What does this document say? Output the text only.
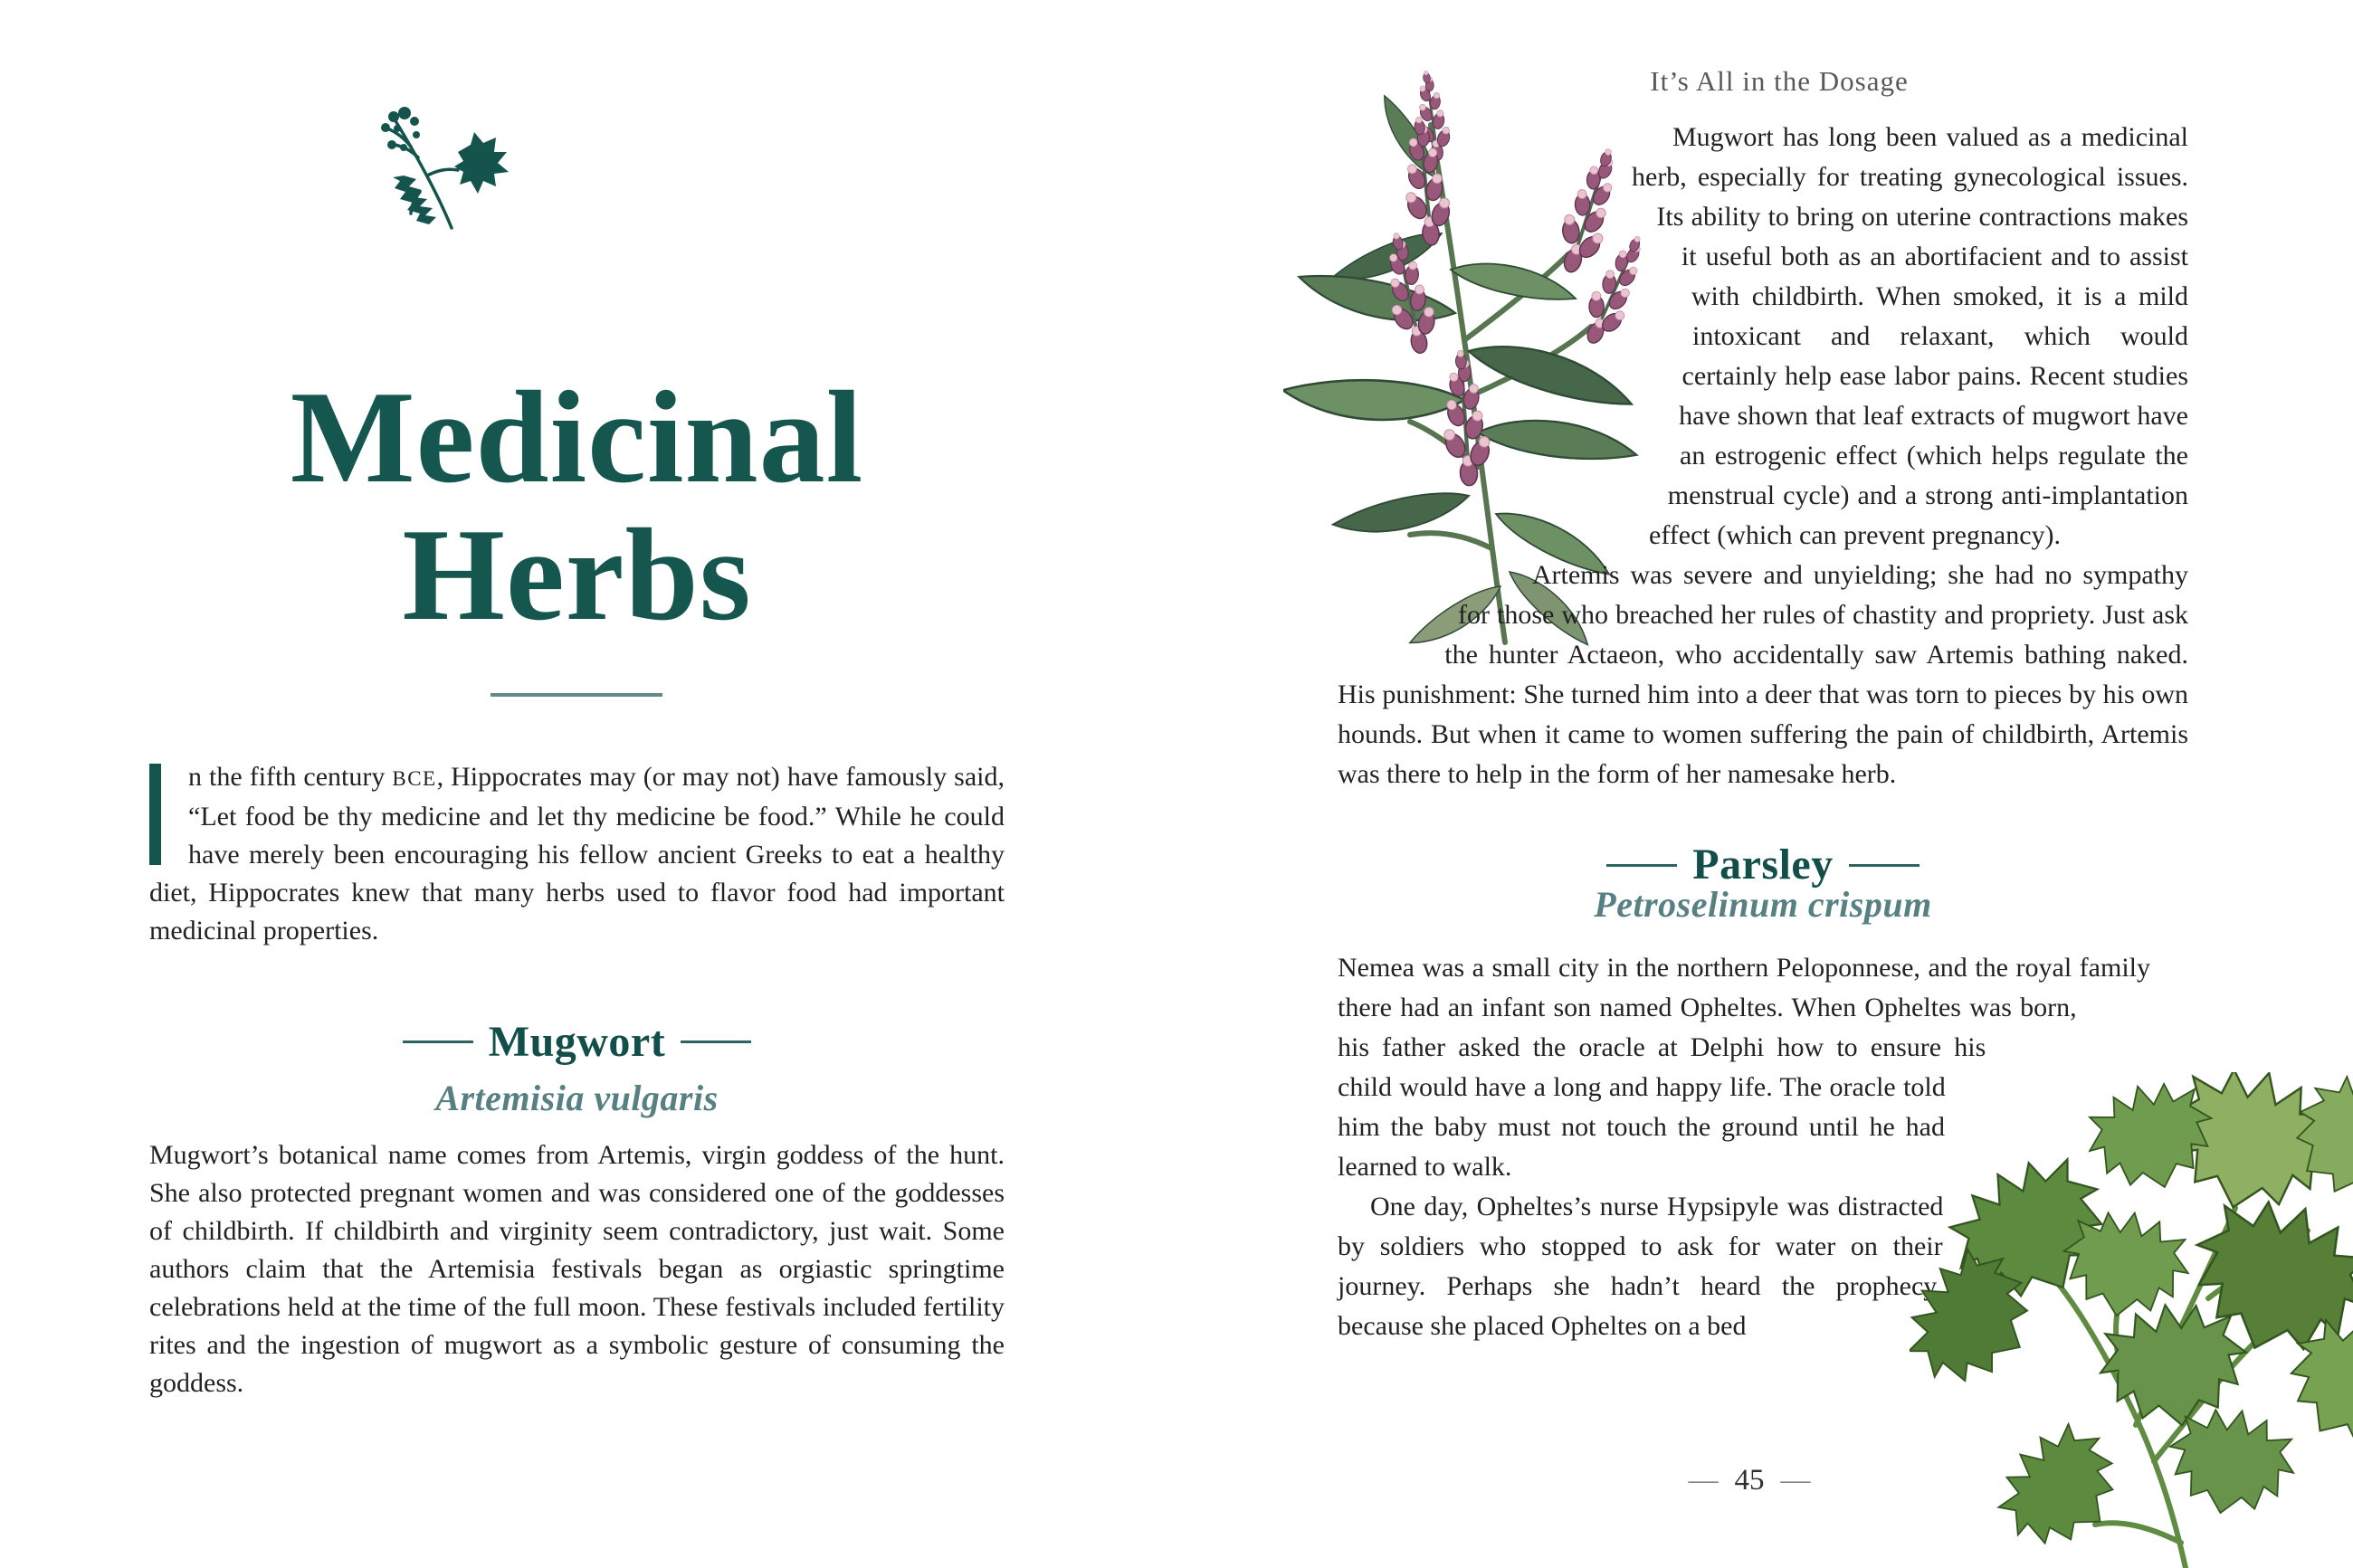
Medicinal
Herbs

n the fifth century BCE, Hippocrates may (or may not) have famously said, “Let food be thy medicine and let thy medicine be food.” While he could have merely been encouraging his fellow ancient Greeks to eat a healthy diet, Hippocrates knew that many herbs used to flavor food had important medicinal properties.

Mugwort

Artemisia vulgaris

Mugwort’s botanical name comes from Artemis, virgin goddess of the hunt. She also protected pregnant women and was considered one of the goddesses of childbirth. If childbirth and virginity seem contradictory, just wait. Some authors claim that the Artemisia festivals began as orgiastic springtime celebrations held at the time of the full moon. These festivals included fertility rites and the ingestion of mugwort as a symbolic gesture of consuming the goddess.

It’s All in the Dosage

Mugwort has long been valued as a medicinal herb, especially for treating gynecological issues. Its ability to bring on uterine contractions makes it useful both as an abortifacient and to assist with childbirth. When smoked, it is a mild intoxicant and relaxant, which would certainly help ease labor pains. Recent studies have shown that leaf extracts of mugwort have an estrogenic effect (which helps regulate the menstrual cycle) and a strong anti-implantation effect (which can prevent pregnancy).

Artemis was severe and unyielding; she had no sympathy for those who breached her rules of chastity and propriety. Just ask the hunter Actaeon, who accidentally saw Artemis bathing naked. His punishment: She turned him into a deer that was torn to pieces by his own hounds. But when it came to women suffering the pain of childbirth, Artemis was there to help in the form of her namesake herb.

Parsley

Petroselinum crispum

Nemea was a small city in the northern Peloponnese, and the royal family there had an infant son named Opheltes. When Opheltes was born, his father asked the oracle at Delphi how to ensure his child would have a long and happy life. The oracle told him the baby must not touch the ground until he had learned to walk.

One day, Opheltes’s nurse Hypsipyle was distracted by soldiers who stopped to ask for water on their journey. Perhaps she hadn’t heard the prophecy, because she placed Opheltes on a bed

— 45 —
